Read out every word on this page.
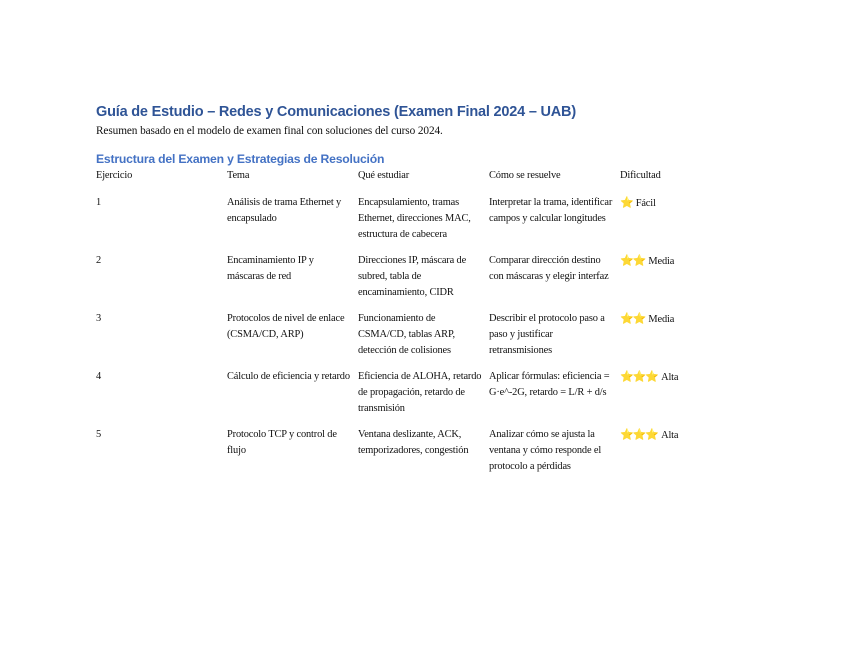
Guía de Estudio – Redes y Comunicaciones (Examen Final 2024 – UAB)

Resumen basado en el modelo de examen final con soluciones del curso 2024.

Estructura del Examen y Estrategias de Resolución
Ejercicio	Tema	Qué estudiar	Cómo se resuelve	Dificultad
1	Análisis de trama Ethernet y encapsulado	Encapsulamiento, tramas Ethernet, direcciones MAC, estructura de cabecera	Interpretar la trama, identificar campos y calcular longitudes	⭐ Fácil
2	Encaminamiento IP y máscaras de red	Direcciones IP, máscara de subred, tabla de encaminamiento, CIDR	Comparar dirección destino con máscaras y elegir interfaz	⭐⭐ Media
3	Protocolos de nivel de enlace (CSMA/CD, ARP)	Funcionamiento de CSMA/CD, tablas ARP, detección de colisiones	Describir el protocolo paso a paso y justificar retransmisiones	⭐⭐ Media
4	Cálculo de eficiencia y retardo	Eficiencia de ALOHA, retardo de propagación, retardo de transmisión	Aplicar fórmulas: eficiencia = G·e^-2G, retardo = L/R + d/s	⭐⭐⭐ Alta
5	Protocolo TCP y control de flujo	Ventana deslizante, ACK, temporizadores, congestión	Analizar cómo se ajusta la ventana y cómo responde el protocolo a pérdidas	⭐⭐⭐ Alta
